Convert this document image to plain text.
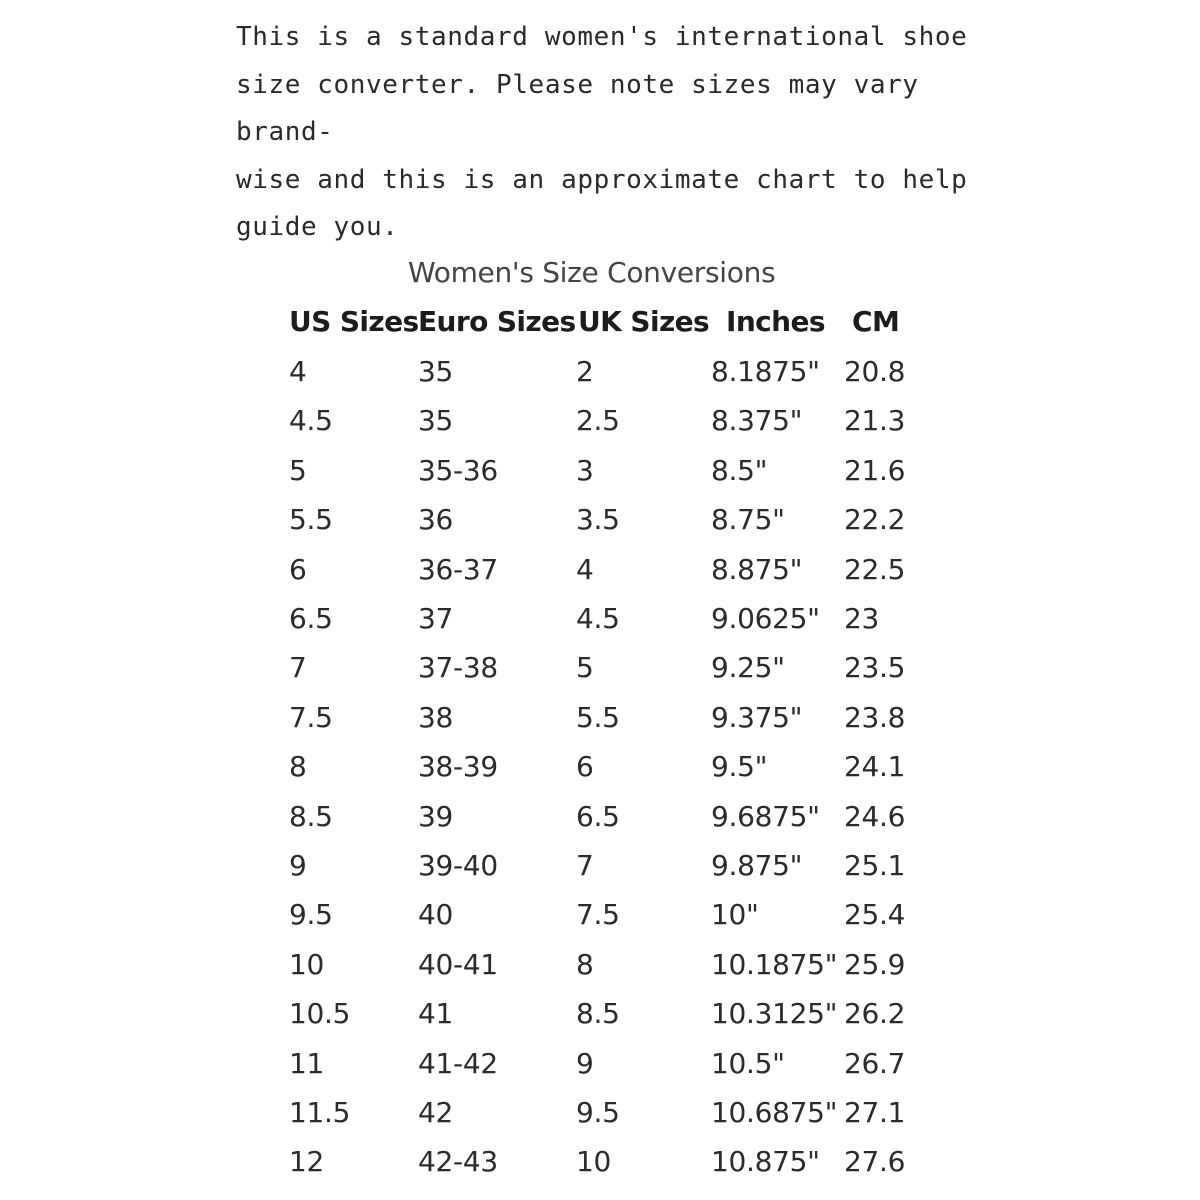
This is a standard women's international shoe
size converter. Please note sizes may vary brand-
wise and this is an approximate chart to help
guide you.

Women's Size Conversions
US Sizes Euro Sizes UK Sizes Inches CM
4	35	2	8.1875" 20.8
4.5	35	2.5	8.375" 21.3
5	35-36	3	8.5"	21.6
5.5	36	3.5	8.75" 22.2
6	36-37	4	8.875" 22.5
6.5	37	4.5	9.0625" 23
7	37-38	5	9.25" 23.5
7.5	38	5.5	9.375" 23.8
8	38-39	6	9.5"	24.1
8.5	39	6.5	9.6875" 24.6
9	39-40	7	9.875" 25.1
9.5	40	7.5	10"	25.4
10	40-41	8	10.1875" 25.9
10.5 41	8.5	10.3125" 26.2
11	41-42	9	10.5" 26.7
11.5 42	9.5	10.6875" 27.1
12	42-43	10	10.875" 27.6
